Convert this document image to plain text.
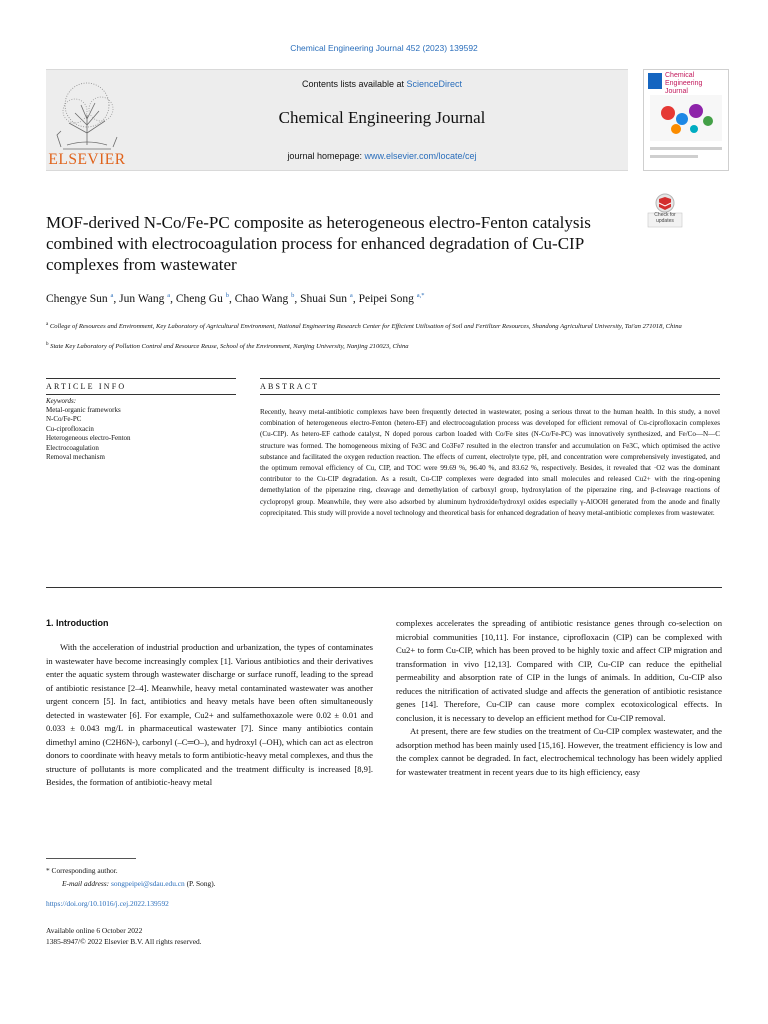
Chemical Engineering Journal 452 (2023) 139592
ELSEVIER
Contents lists available at ScienceDirect
Chemical Engineering Journal
journal homepage: www.elsevier.com/locate/cej
Chemical Engineering Journal
Check for updates
MOF-derived N-Co/Fe-PC composite as heterogeneous electro-Fenton catalysis combined with electrocoagulation process for enhanced degradation of Cu-CIP complexes from wastewater
Chengye Sun $^a$, Jun Wang $^a$, Cheng Gu $^b$, Chao Wang $^b$, Shuai Sun $^a$, Peipei Song $^{a,*}$
$^a$ College of Resources and Environment, Key Laboratory of Agricultural Environment, National Engineering Research Center for Efficient Utilisation of Soil and Fertilizer Resources, Shandong Agricultural University, Tai'an 271018, China
$^b$ State Key Laboratory of Pollution Control and Resource Reuse, School of the Environment, Nanjing University, Nanjing 210023, China
ARTICLE INFO	ABSTRACT
Keywords:
Metal-organic frameworks
N-Co/Fe-PC
Cu-ciprofloxacin
Heterogeneous electro-Fenton
Electrocoagulation
Removal mechanism
Recently, heavy metal-antibiotic complexes have been frequently detected in wastewater, posing a serious threat to the human health. In this study, a novel combination of heterogeneous electro-Fenton (hetero-EF) and electrocoagulation process was developed for efficient removal of Cu-ciprofloxacin complexes (Cu-CIP). As hetero-EF cathode catalyst, N doped porous carbon loaded with Co/Fe sites (N-Co/Fe-PC) was innovatively synthesized, and Fe/Co—N—C structure was formed. The homogeneous mixing of Fe3C and Co3Fe7 resulted in the electron transfer and accumulation on Fe3C, which optimised the active substance and facilitated the oxygen reduction reaction. The effects of current, electrolyte type, pH, and concentration were comprehensively investigated, and the optimum removal efficiency of Cu, CIP, and TOC were 99.69 %, 96.40 %, and 83.62 %, respectively. Besides, it revealed that ·O2 was the dominant contributor to the Cu-CIP degradation. As a result, Cu-CIP complexes were degraded into small molecules and released Cu2+ with the ring-opening demethylation of the piperazine ring, cleavage and demethylation of carboxyl group, hydroxylation of the piperazine ring, and β-cleavage reactions of cyclopropyl group. Meanwhile, they were also adsorbed by aluminum hydroxide/hydroxyl oxides especially γ-AlOOH generated from the anode and finally coprecipitated. This study will provide a novel technology and theoretical basis for enhanced degradation of heavy metal-antibiotic complexes from wastewater.
1. Introduction

With the acceleration of industrial production and urbanization, the types of contaminates in wastewater have become increasingly complex [1]. Various antibiotics and their derivatives enter the aquatic system through wastewater discharge or surface runoff, leading to the spread of antibiotic resistance [2–4]. Meanwhile, heavy metal contaminated wastewater was another urgent concern [5]. In fact, antibiotics and heavy metals have been often simultaneously detected in wastewater [6]. For example, Cu2+ and sulfamethoxazole were 0.02 ± 0.01 and 0.033 ± 0.043 mg/L in pharmaceutical wastewater [7]. Since many antibiotics contain dimethyl amino (C2H6N-), carbonyl (–C═O–), and hydroxyl (–OH), which can act as electron donors to coordinate with heavy metals to form antibiotic-heavy metal complexes, and thus the structure of pollutants is more complicated and the treatment difficulty is increased [8,9]. Besides, the formation of antibiotic-heavy metal

complexes accelerates the spreading of antibiotic resistance genes through co-selection on microbial communities [10,11]. For instance, ciprofloxacin (CIP) can be complexed with Cu2+ to form Cu-CIP, which has been proved to be highly toxic and affect CIP migration and transformation in vivo [12,13]. Compared with CIP, Cu-CIP can reduce the epithelial permeability and absorption rate of CIP in the lungs of animals. In addition, Cu-CIP also reduces the nitrification of activated sludge and affects the generation of antibiotic resistance genes [14]. Therefore, Cu-CIP can cause more complex ecotoxicological effects. In conclusion, it is necessary to develop an efficient method for Cu-CIP removal.

At present, there are few studies on the treatment of Cu-CIP complex wastewater, and the adsorption method has been mainly used [15,16]. However, the treatment efficiency is low and the complex cannot be degraded. In fact, electrochemical technology has been widely applied for wastewater treatment in recent years due to its high efficiency, easy

* Corresponding author.
E-mail address: songpeipei@sdau.edu.cn (P. Song).
https://doi.org/10.1016/j.cej.2022.139592
Available online 6 October 2022
1385-8947/© 2022 Elsevier B.V. All rights reserved.
